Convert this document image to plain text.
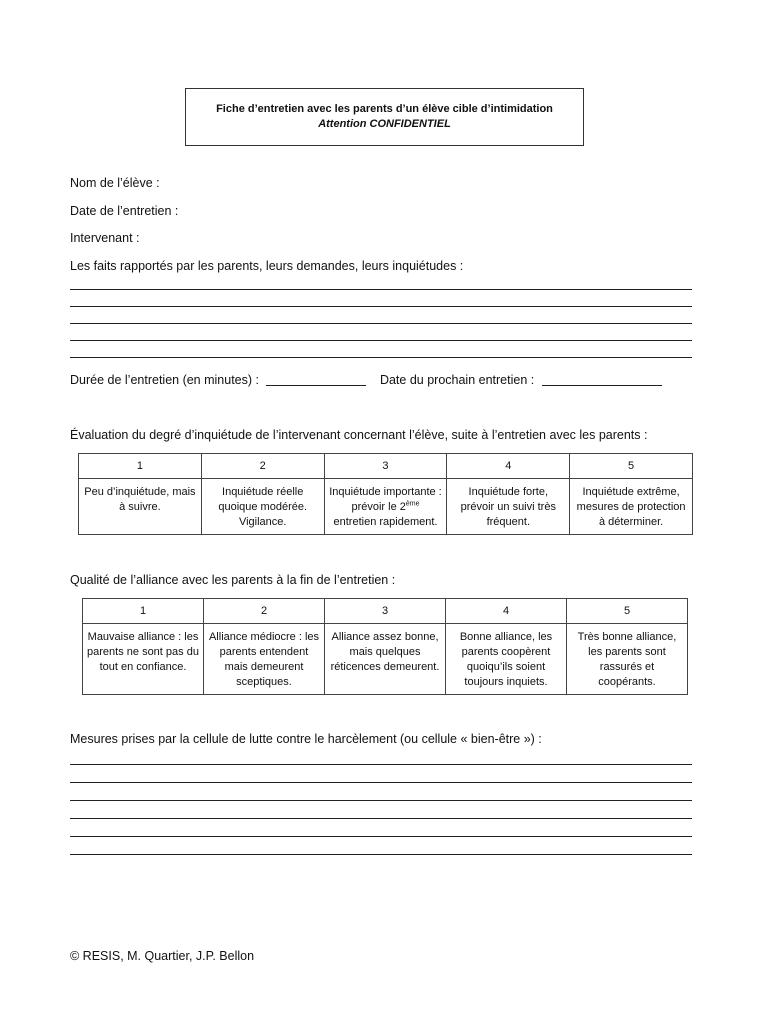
Fiche d’entretien avec les parents d’un élève cible d’intimidation
Attention CONFIDENTIEL
Nom de l’élève :
Date de l’entretien :
Intervenant :
Les faits rapportés par les parents, leurs demandes, leurs inquiétudes :
Durée de l’entretien (en minutes) :	Date du prochain entretien :
Évaluation du degré d’inquiétude de l’intervenant concernant l’élève, suite à l’entretien avec les parents :
1	2	3	4	5
Peu d’inquiétude, mais à suivre.	Inquiétude réelle quoique modérée. Vigilance.	Inquiétude importante : prévoir le 2ème entretien rapidement.	Inquiétude forte, prévoir un suivi très fréquent.	Inquiétude extrême, mesures de protection à déterminer.
Qualité de l’alliance avec les parents à la fin de l’entretien :
1	2	3	4	5
Mauvaise alliance : les parents ne sont pas du tout en confiance.	Alliance médiocre : les parents entendent mais demeurent sceptiques.	Alliance assez bonne, mais quelques réticences demeurent.	Bonne alliance, les parents coopèrent quoiqu’ils soient toujours inquiets.	Très bonne alliance, les parents sont rassurés et coopérants.
Mesures prises par la cellule de lutte contre le harcèlement (ou cellule « bien-être ») :
© RESIS, M. Quartier, J.P. Bellon
